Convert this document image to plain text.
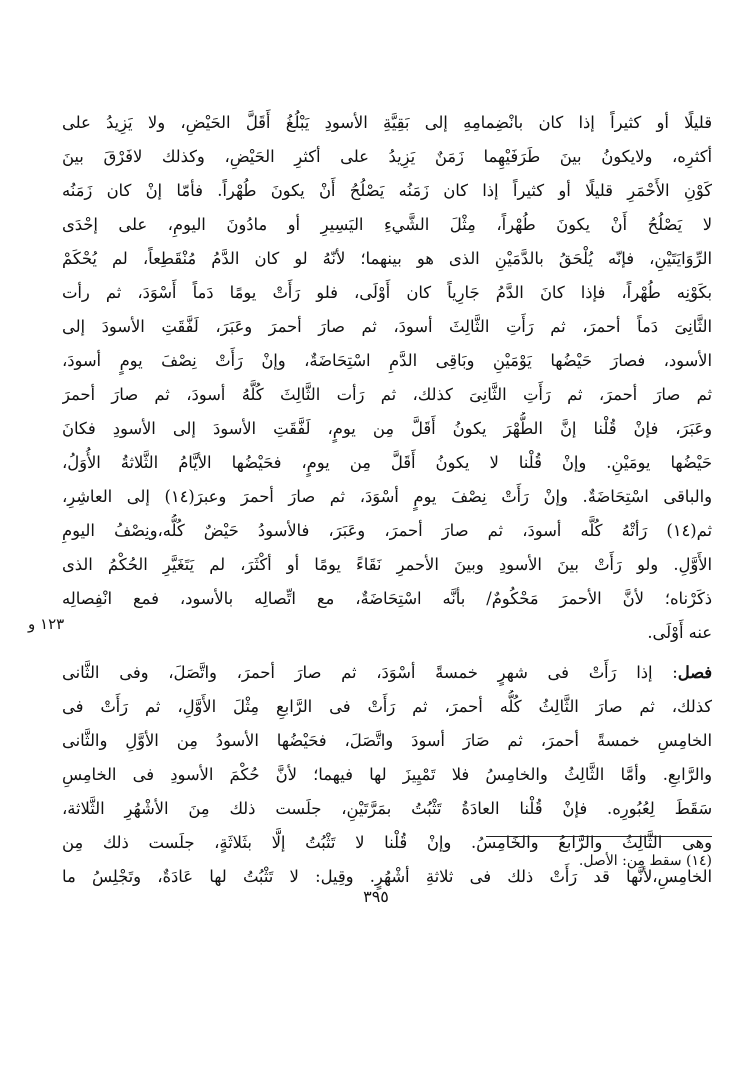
قليلًا أو كثيراً إذا كان بانْضِمامِهِ إلى بَقِيَّةِ الأسودِ يَبْلُغُ أَقَلَّ الحَيْضِ، ولا يَزِيدُ على
أكثرِه، ولايكونُ بينَ طَرَفَيْهِما زَمَنٌ يَزِيدُ على أكثرِ الحَيْضِ، وكذلك لافَرْقَ بينَ
كَوْنِ الأَحْمَرِ قليلًا أو كثيراً إذا كان زَمَنُه يَصْلُحُ أَنْ يكونَ طُهْراً. فأمّا إنْ كان زَمَنُه
لا يَصْلُحُ أَنْ يكونَ طُهْراً، مِثْلَ الشَّيءِ اليَسِيرِ أو مادُونَ اليومِ، على إحْدَى
الرِّوَايَتَيْنِ، فإنّه يُلْحَقُ بالدَّمَيْنِ الذى هو بينهما؛ لأنّهُ لو كان الدَّمُ مُنْقَطِعاً، لم يُحْكَمْ
بكَوْنِه طُهْراً، فإذا كانَ الدَّمُ جَارِياً كان أَوْلَى، فلو رَأَتْ يومًا دَماً أَسْوَدَ، ثم رأت
الثَّانِىَ دَماً أحمرَ، ثم رَأَتِ الثَّالِثَ أسودَ، ثم صارَ أحمرَ وعَبَرَ، لَفَّقَتِ الأسودَ إلى
الأسود، فصارَ حَيْضُها يَوْمَيْنِ وبَاقِى الدَّمِ اسْتِحَاضَةٌ، وإنْ رَأَتْ نِصْفَ يومٍ أسودَ،
ثم صارَ أحمرَ، ثم رَأَتِ الثَّانِىَ كذلك، ثم رَأت الثَّالِثَ كُلَّهُ أسودَ، ثم صارَ أحمرَ
وعَبَرَ، فإنْ قُلْنا إنَّ الطُّهْرَ يكونُ أَقَلَّ مِن يومٍ، لَفَّقَتِ الأسودَ إلى الأسودِ فكانَ
حَيْضُها يومَيْنِ. وإنْ قُلْنا لا يكونُ أَقَلَّ مِن يومٍ، فحَيْضُها الأيَّامُ الثَّلاثةُ الأُوَلُ،
والباقى اسْتِحَاضَةٌ. وإنْ رَأَتْ نِصْفَ يومٍ أسْوَدَ، ثم صارَ أحمرَ وعبرَ(١٤) إلى العاشِرِ،
ثم(١٤) رَأتْهُ كُلَّه أسودَ، ثم صارَ أحمرَ، وعَبَرَ، فالأسودُ حَيْضٌ كُلُّه،ونِصْفُ اليومِ
الأَوَّلِ. ولو رَأَتْ بينَ الأسودِ وبينَ الأحمرِ نَقَاءً يومًا أو أكْثَرَ، لم يَتَغَيَّرِ الحُكْمُ الذى
ذكَرْناه؛ لأنَّ الأحمرَ مَحْكُومٌ/ بأنَّه اسْتِحَاضَةٌ، مع اتِّصالِه بالأسود، فمع انْفِصالِه
عنه أَوْلَى.
فصل: إذا رَأَتْ فى شهرٍ خمسةً أسْوَدَ، ثم صارَ أحمرَ، واتَّصَلَ، وفى الثَّانى
كذلك، ثم صارَ الثَّالِثُ كُلُّه أحمرَ، ثم رَأَتْ فى الرَّابعِ مِثْلَ الأَوَّلِ، ثم رَأَتْ فى
الخامِسِ خمسةً أحمرَ، ثم صَارَ أسودَ واتَّصَلَ، فحَيْضُها الأسودُ مِن الأوَّلِ والثَّانى
والرَّابعِ. وأمَّا الثَّالِثُ والخامِسُ فلا تَمْيِيزَ لها فيهما؛ لأنَّ حُكْمَ الأسودِ فى الخامِسِ
سَقَطَ لِعُبُورِه. فإنْ قُلْنا العادَةُ تَثْبُتُ بمَرَّتَيْنِ، جلَست ذلك مِنَ الأشْهُرِ الثَّلاثة،
وهى الثَّالِثُ والرَّابعُ والخَامِسُ. وإنْ قُلْنا لا تَثْبُتُ إلَّا بثَلاثَةٍ، جلَست ذلك مِن
الخامِسِ،لأنَّها قد رَأَتْ ذلك فى ثلاثةِ أشْهُرٍ. وقِيل: لا تَثْبُتُ لها عَادَةٌ، وتَجْلِسُ ما
١٢٣ و
(١٤) سقط من: الأصل.
٣٩٥
